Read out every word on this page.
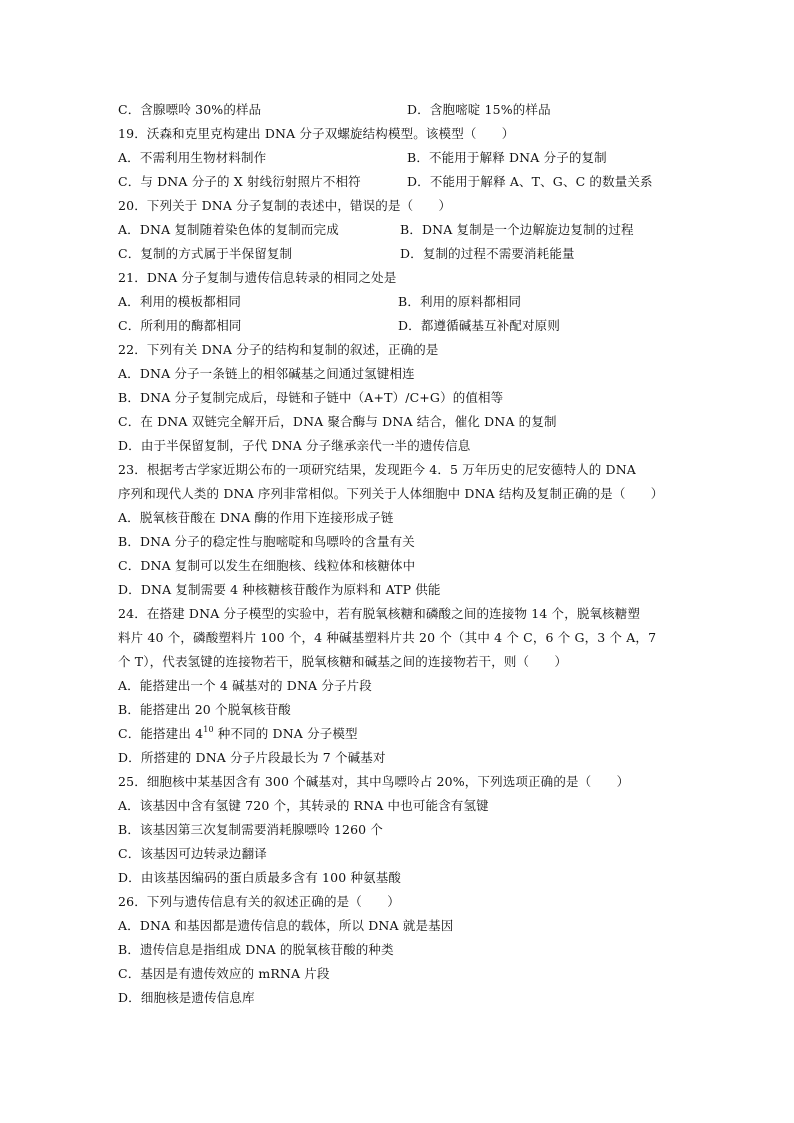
C．含腺嘌呤 30%的样品	D．含胞嘧啶 15%的样品
19．沃森和克里克构建出 DNA 分子双螺旋结构模型。该模型（　　）
A．不需利用生物材料制作	B．不能用于解释 DNA 分子的复制
C．与 DNA 分子的 X 射线衍射照片不相符	D．不能用于解释 A、T、G、C 的数量关系
20．下列关于 DNA 分子复制的表述中，错误的是（　　）
A．DNA 复制随着染色体的复制而完成	B．DNA 复制是一个边解旋边复制的过程
C．复制的方式属于半保留复制	D．复制的过程不需要消耗能量
21．DNA 分子复制与遗传信息转录的相同之处是
A．利用的模板都相同	B．利用的原料都相同
C．所利用的酶都相同	D．都遵循碱基互补配对原则
22．下列有关 DNA 分子的结构和复制的叙述，正确的是
A．DNA 分子一条链上的相邻碱基之间通过氢键相连
B．DNA 分子复制完成后，母链和子链中（A+T）/C+G）的值相等
C．在 DNA 双链完全解开后，DNA 聚合酶与 DNA 结合，催化 DNA 的复制
D．由于半保留复制，子代 DNA 分子继承亲代一半的遗传信息
23．根据考古学家近期公布的一项研究结果，发现距今 4．5 万年历史的尼安德特人的 DNA
序列和现代人类的 DNA 序列非常相似。下列关于人体细胞中 DNA 结构及复制正确的是（　　）
A．脱氧核苷酸在 DNA 酶的作用下连接形成子链
B．DNA 分子的稳定性与胞嘧啶和鸟嘌呤的含量有关
C．DNA 复制可以发生在细胞核、线粒体和核糖体中
D．DNA 复制需要 4 种核糖核苷酸作为原料和 ATP 供能
24．在搭建 DNA 分子模型的实验中，若有脱氧核糖和磷酸之间的连接物 14 个，脱氧核糖塑
料片 40 个，磷酸塑料片 100 个，4 种碱基塑料片共 20 个（其中 4 个 C，6 个 G，3 个 A，7
个 T），代表氢键的连接物若干，脱氧核糖和碱基之间的连接物若干，则（　　）
A．能搭建出一个 4 碱基对的 DNA 分子片段
B．能搭建出 20 个脱氧核苷酸
C．能搭建出 $4^{10}$ 种不同的 DNA 分子模型
D．所搭建的 DNA 分子片段最长为 7 个碱基对
25．细胞核中某基因含有 300 个碱基对，其中鸟嘌呤占 20%，下列选项正确的是（　　）
A．该基因中含有氢键 720 个，其转录的 RNA 中也可能含有氢键
B．该基因第三次复制需要消耗腺嘌呤 1260 个
C．该基因可边转录边翻译
D．由该基因编码的蛋白质最多含有 100 种氨基酸
26．下列与遗传信息有关的叙述正确的是（　　）
A．DNA 和基因都是遗传信息的载体，所以 DNA 就是基因
B．遗传信息是指组成 DNA 的脱氧核苷酸的种类
C．基因是有遗传效应的 mRNA 片段
D．细胞核是遗传信息库
